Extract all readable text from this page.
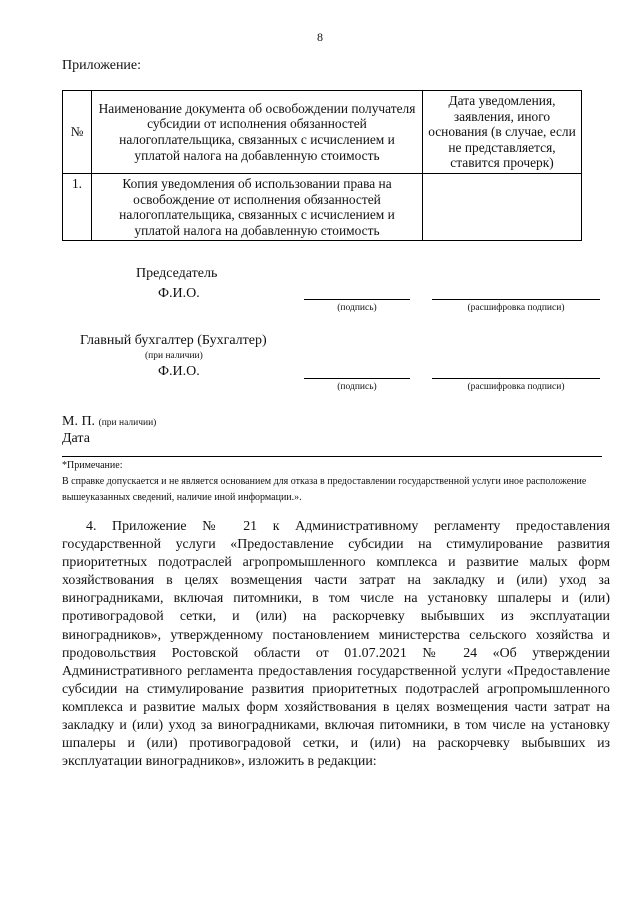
8
Приложение:
№	Наименование документа об освобождении получателя субсидии от исполнения обязанностей налогоплательщика, связанных с исчислением и уплатой налога на добавленную стоимость	Дата уведомления, заявления, иного основания (в случае, если не представляется, ставится прочерк)
1.	Копия уведомления об использовании права на освобождение от исполнения обязанностей налогоплательщика, связанных с исчислением и уплатой налога на добавленную стоимость	
Председатель
Ф.И.О.
(подпись)	(расшифровка подписи)
Главный бухгалтер (Бухгалтер)
(при наличии)
Ф.И.О.
(подпись)	(расшифровка подписи)
М. П. (при наличии)
Дата
*Примечание:
В справке допускается и не является основанием для отказа в предоставлении государственной услуги иное расположение вышеуказанных сведений, наличие иной информации.».
4. Приложение № 21 к Административному регламенту предоставления государственной услуги «Предоставление субсидии на стимулирование развития приоритетных подотраслей агропромышленного комплекса и развитие малых форм хозяйствования в целях возмещения части затрат на закладку и (или) уход за виноградниками, включая питомники, в том числе на установку шпалеры и (или) противоградовой сетки, и (или) на раскорчевку выбывших из эксплуатации виноградников», утвержденному постановлением министерства сельского хозяйства и продовольствия Ростовской области от 01.07.2021 № 24 «Об утверждении Административного регламента предоставления государственной услуги «Предоставление субсидии на стимулирование развития приоритетных подотраслей агропромышленного комплекса и развитие малых форм хозяйствования в целях возмещения части затрат на закладку и (или) уход за виноградниками, включая питомники, в том числе на установку шпалеры и (или) противоградовой сетки, и (или) на раскорчевку выбывших из эксплуатации виноградников», изложить в редакции:
